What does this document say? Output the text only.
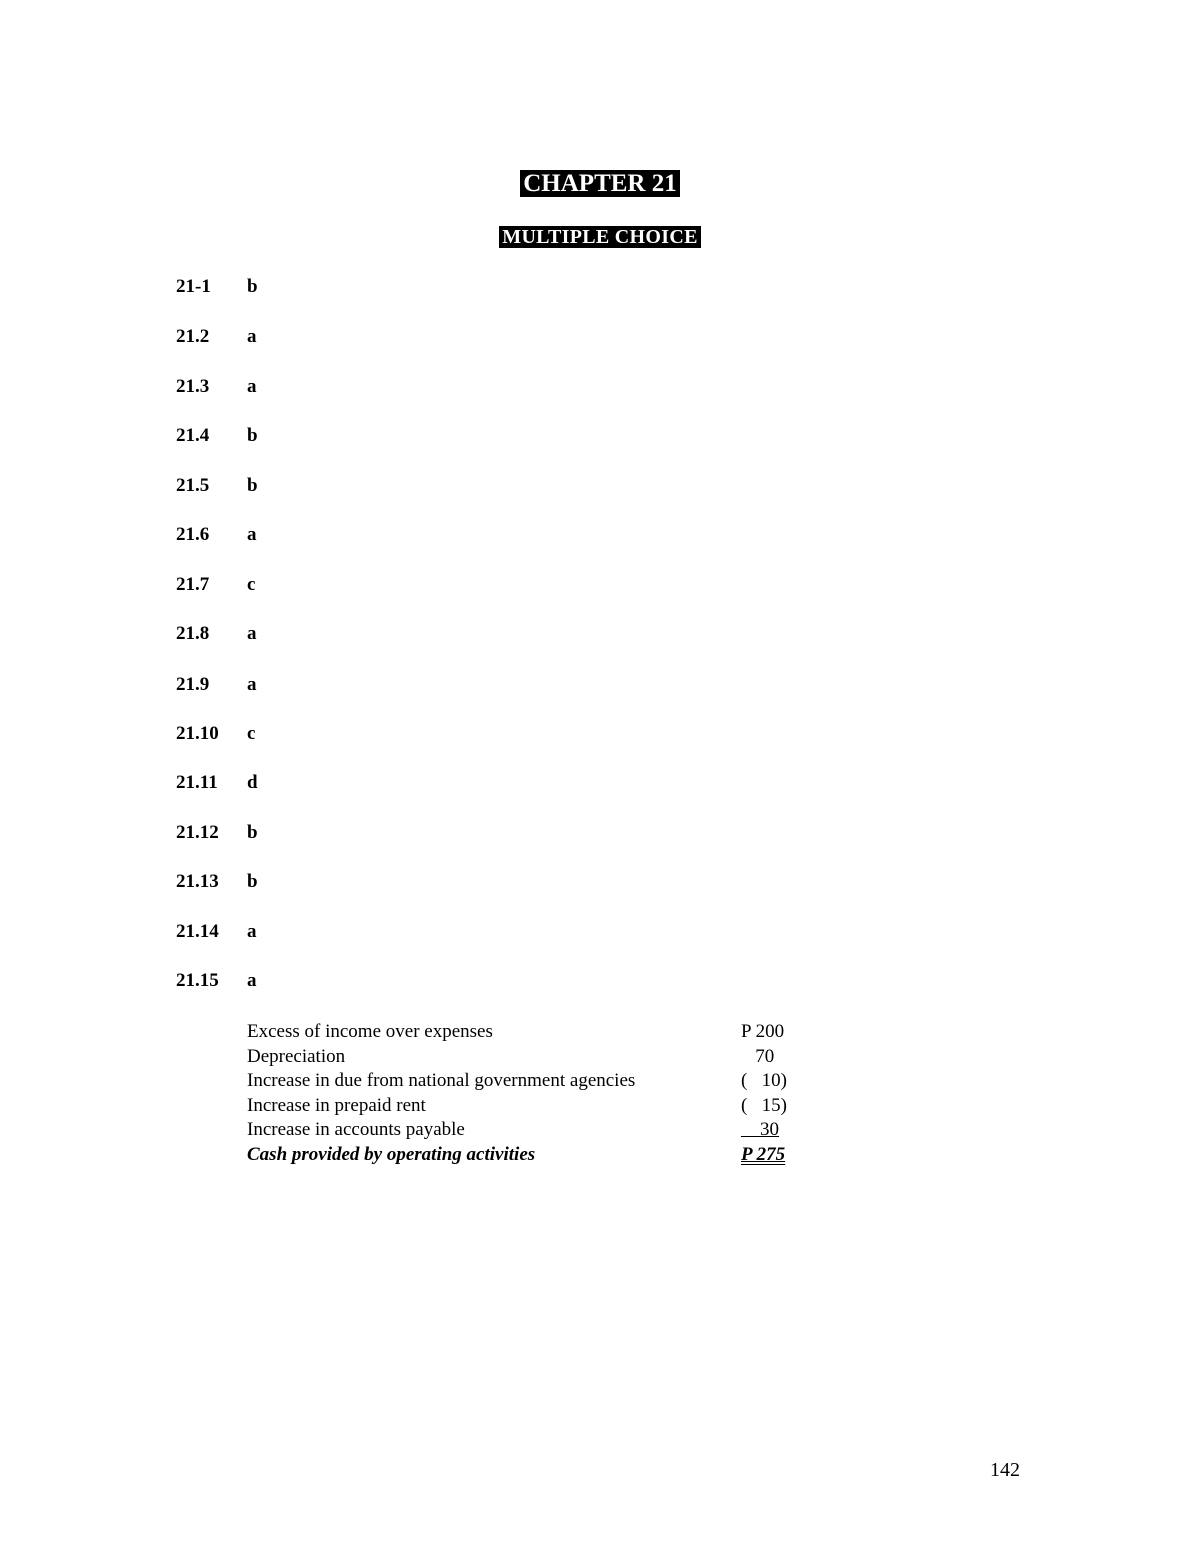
CHAPTER 21
MULTIPLE CHOICE
21-1 b
21.2 a
21.3 a
21.4 b
21.5 b
21.6 a
21.7 c
21.8 a
21.9 a
21.10 c
21.11 d
21.12 b
21.13 b
21.14 a
21.15 a
Excess of income over expenses	P 200
Depreciation	70
Increase in due from national government agencies	(   10)
Increase in prepaid rent	(   15)
Increase in accounts payable	30
Cash provided by operating activities	P 275
142
